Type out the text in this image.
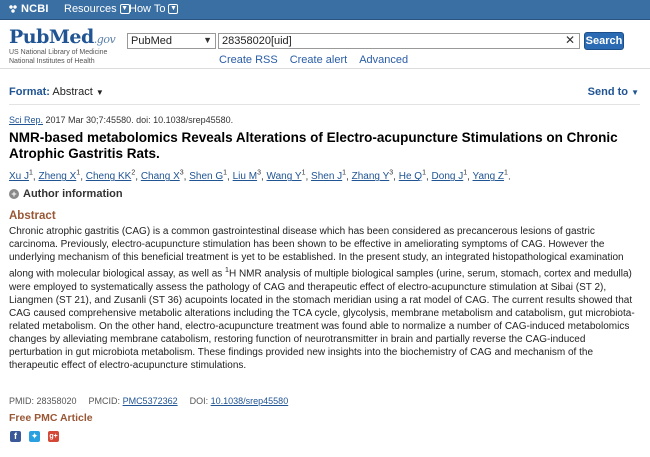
NCBI Resources ▼ How To ▼
PubMed.gov
US National Library of Medicine
National Institutes of Health
PubMed	▼ 28358020[uid]	✕ Search
Create RSS Create alert Advanced
Format: Abstract ▼	Send to ▼
Sci Rep. 2017 Mar 30;7:45580. doi: 10.1038/srep45580.
NMR-based metabolomics Reveals Alterations of Electro-acupuncture Stimulations on Chronic Atrophic Gastritis Rats.
Xu $J^1$, Zheng $X^1$, Cheng $KK^2$, Chang $X^3$, Shen $G^1$, Liu $M^3$, Wang $Y^1$, Shen $J^1$, Zhang $Y^3$, He $Q^1$, Dong $J^1$, Yang $Z^1$.
+ Author information
Abstract
Chronic atrophic gastritis (CAG) is a common gastrointestinal disease which has been considered as precancerous lesions of gastric carcinoma. Previously, electro-acupuncture stimulation has been shown to be effective in ameliorating symptoms of CAG. However the underlying mechanism of this beneficial treatment is yet to be established. In the present study, an integrated histopathological examination along with molecular biological assay, as well as $^1$H NMR analysis of multiple biological samples (urine, serum, stomach, cortex and medulla) were employed to systematically assess the pathology of CAG and therapeutic effect of electro-acupuncture stimulation at Sibai (ST 2), Liangmen (ST 21), and Zusanli (ST 36) acupoints located in the stomach meridian using a rat model of CAG. The current results showed that CAG caused comprehensive metabolic alterations including the TCA cycle, glycolysis, membrane metabolism and catabolism, gut microbiota-related metabolism. On the other hand, electro-acupuncture treatment was found able to normalize a number of CAG-induced metabolomics changes by alleviating membrane catabolism, restoring function of neurotransmitter in brain and partially reverse the CAG-induced perturbation in gut microbiota metabolism. These findings provided new insights into the biochemistry of CAG and mechanism of the therapeutic effect of electro-acupuncture stimulations.
PMID: 28358020 PMCID: PMC5372362 DOI: 10.1038/srep45580
Free PMC Article
f	✦ g+
